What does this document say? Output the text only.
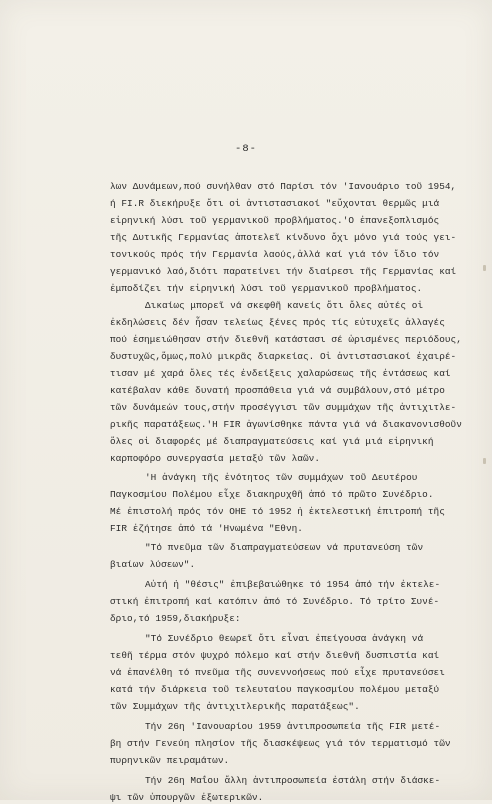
-8-
λων Δυνάμεων,πού συνήλθαν στό Παρίσι τόν 'Ιανουάριο τοῦ 1954,
ή FI.R διεκήρυξε ὅτι οἱ ἀντιστασιακοί "εὔχονται θερμῶς μιά
εἰρηνική λύσι τοῦ γερμανικοῦ προβλήματος.'Ο ἐπανεξοπλισμός
τῆς Δυτικῆς Γερμανίας ἀποτελεῖ κίνδυνο ὄχι μόνο γιά τούς γει-
τονικούς πρός τήν Γερμανία λαούς,ἀλλά καί γιά τόν ἴδιο τόν
γερμανικό λαό,διότι παρατείνει τήν διαίρεσι τῆς Γερμανίας καί
ἐμποδίζει τήν εἰρηνική λύσι τοῦ γερμανικοῦ προβλήματος.
Δικαίως μπορεῖ νά σκεφθῆ κανείς ὅτι ὅλες αὐτές οἱ
ἐκδηλώσεις δέν ἦσαν τελείως ξένες πρός τίς εὐτυχεῖς ἀλλαγές
πού ἐσημειώθησαν στήν διεθνῆ κατάστασι σέ ὡρισμένες περιόδους,
δυστυχῶς,ὅμως,πολύ μικρᾶς διαρκείας. Οἱ ἀντιστασιακοί ἐχαιρέ-
τισαν μέ χαρά ὅλες τές ἐνδείξεις χαλαρώσεως τῆς ἐντάσεως καί
κατέβαλαν κάθε δυνατή προσπάθεια γιά νά συμβάλουν,στό μέτρο
τῶν δυνάμεών τους,στήν προσέγγισι τῶν συμμάχων τῆς ἀντιχιτλε-
ρικῆς παρατάξεως.'Η FIR ἀγωνίσθηκε πάντα γιά νά διακανονισθοῦν
ὅλες οἱ διαφορές μέ διαπραγματεύσεις καί γιά μιά εἰρηνική
καρποφόρο συνεργασία μεταξύ τῶν λαῶν.
'Η ἀνάγκη τῆς ἑνότητος τῶν συμμάχων τοῦ Δευτέρου
Παγκοσμίου Πολέμου εἶχε διακηρυχθῆ ἀπό τό πρῶτο Συνέδριο.
Μέ ἐπιστολή πρός τόν ΟΗΕ τό 1952 ἡ ἐκτελεστική ἐπιτροπή τῆς
FIR ἐζήτησε ἀπό τά 'Ηνωμένα "Εθνη.
"Τό πνεῦμα τῶν διαπραγματεύσεων νά πρυτανεύση τῶν
βιαίων λύσεων".
Αὐτή ἡ "θέσις" ἐπιβεβαιώθηκε τό 1954 ἀπό τήν ἐκτελε-
στική ἐπιτροπή καί κατόπιν ἀπό τό Συνέδριο. Τό τρίτο Συνέ-
δριο,τό 1959,διακήρυξε:
"Τό Συνέδριο θεωρεῖ ὅτι εἶναι ἐπείγουσα ἀνάγκη νά
τεθῆ τέρμα στόν ψυχρό πόλεμο καί στήν διεθνῆ δυσπιστία καί
νά ἐπανέλθη τό πνεῦμα τῆς συνεννοήσεως πού εἶχε πρυτανεύσει
κατά τήν διάρκεια τοῦ τελευταίου παγκοσμίου πολέμου μεταξύ
τῶν Συμμάχων τῆς ἀντιχιτλερικῆς παρατάξεως".
Τήν 26η 'Ιανουαρίου 1959 ἀντιπροσωπεία τῆς FIR μετέ-
βη στήν Γενεύη πλησίον τῆς διασκέψεως γιά τόν τερματισμό τῶν
πυρηνικῶν πειραμάτων.
Τήν 26η Μαΐου ἄλλη ἀντιπροσωπεία ἐστάλη στήν διάσκε-
ψι τῶν ὑπουργῶν ἐξωτερικῶν.
